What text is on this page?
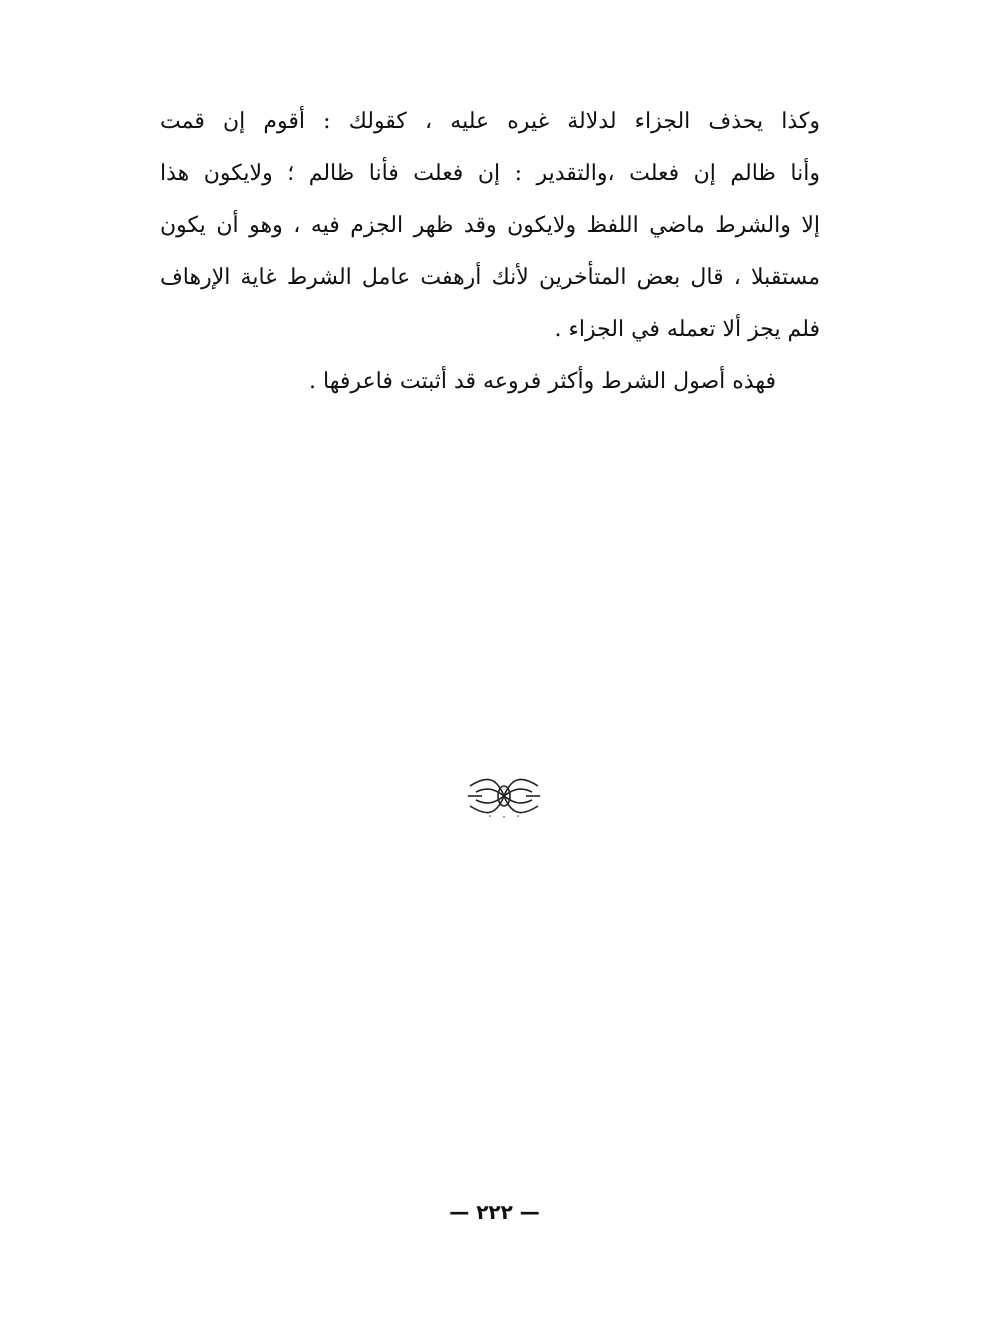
وكذا يحذف الجزاء لدلالة غيره عليه ، كقولك : أقوم إن قمت
وأنا ظالم إن فعلت ،والتقدير : إن فعلت فأنا ظالم ؛ ولايكون هذا
إلا والشرط ماضي اللفظ ولايكون وقد ظهر الجزم فيه ، وهو أن يكون
مستقبلا ، قال بعض المتأخرين لأنك أرهفت عامل الشرط غاية الإرهاف
فلم يجز ألا تعمله في الجزاء .

فهذه أصول الشرط وأكثر فروعه قد أثبتت فاعرفها .

— ٢٢٢ —
